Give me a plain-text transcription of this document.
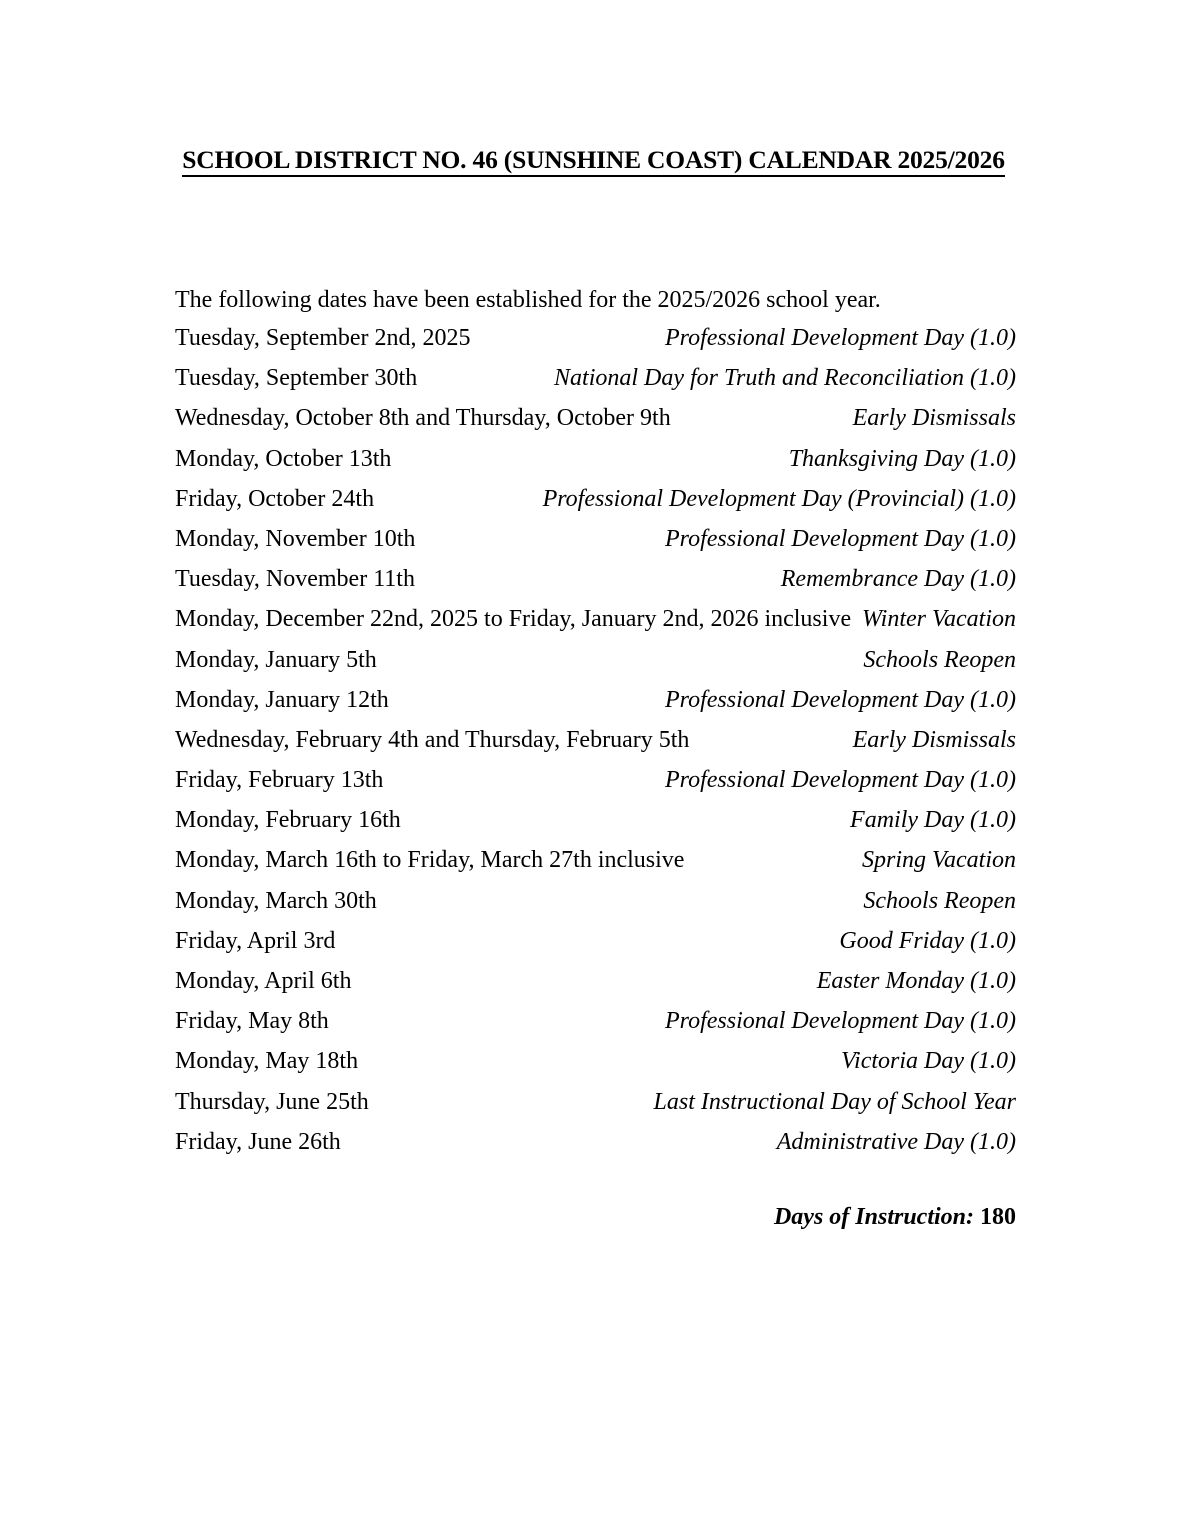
SCHOOL DISTRICT NO. 46 (SUNSHINE COAST) CALENDAR 2025/2026

The following dates have been established for the 2025/2026 school year.

Tuesday, September 2nd, 2025	Professional Development Day (1.0)
Tuesday, September 30th	National Day for Truth and Reconciliation (1.0)
Wednesday, October 8th and Thursday, October 9th	Early Dismissals
Monday, October 13th	Thanksgiving Day (1.0)
Friday, October 24th	Professional Development Day (Provincial) (1.0)
Monday, November 10th	Professional Development Day (1.0)
Tuesday, November 11th	Remembrance Day (1.0)
Monday, December 22nd, 2025 to Friday, January 2nd, 2026 inclusive Winter Vacation
Monday, January 5th	Schools Reopen
Monday, January 12th	Professional Development Day (1.0)
Wednesday, February 4th and Thursday, February 5th	Early Dismissals
Friday, February 13th	Professional Development Day (1.0)
Monday, February 16th	Family Day (1.0)
Monday, March 16th to Friday, March 27th inclusive	Spring Vacation
Monday, March 30th	Schools Reopen
Friday, April 3rd	Good Friday (1.0)
Monday, April 6th	Easter Monday (1.0)
Friday, May 8th	Professional Development Day (1.0)
Monday, May 18th	Victoria Day (1.0)
Thursday, June 25th	Last Instructional Day of School Year
Friday, June 26th	Administrative Day (1.0)
Days of Instruction: 180
